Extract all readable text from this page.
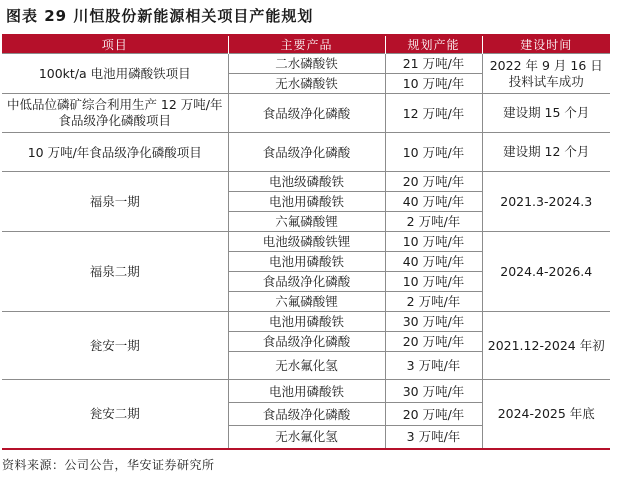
图表 29 川恒股份新能源相关项目产能规划
项目	主要产品	规划产能	建设时间
100kt/a 电池用磷酸铁项目	二水磷酸铁	21 万吨/年	2022 年 9 月 16 日投料试车成功
	无水磷酸铁	10 万吨/年	
中低品位磷矿综合利用生产 12 万吨/年食品级净化磷酸项目	食品级净化磷酸	12 万吨/年	建设期 15 个月
10 万吨/年食品级净化磷酸项目	食品级净化磷酸	10 万吨/年	建设期 12 个月
福泉一期	电池级磷酸铁	20 万吨/年	2021.3-2024.3
	电池用磷酸铁	40 万吨/年	
	六氟磷酸锂	2 万吨/年	
福泉二期	电池级磷酸铁锂	10 万吨/年	2024.4-2026.4
	电池用磷酸铁	40 万吨/年	
	食品级净化磷酸	10 万吨/年	
	六氟磷酸锂	2 万吨/年	
瓮安一期	电池用磷酸铁	30 万吨/年	2021.12-2024 年初
	食品级净化磷酸	20 万吨/年	
	无水氟化氢	3 万吨/年	
瓮安二期	电池用磷酸铁	30 万吨/年	2024-2025 年底
	食品级净化磷酸	20 万吨/年	
	无水氟化氢	3 万吨/年	
资料来源：公司公告，华安证券研究所
